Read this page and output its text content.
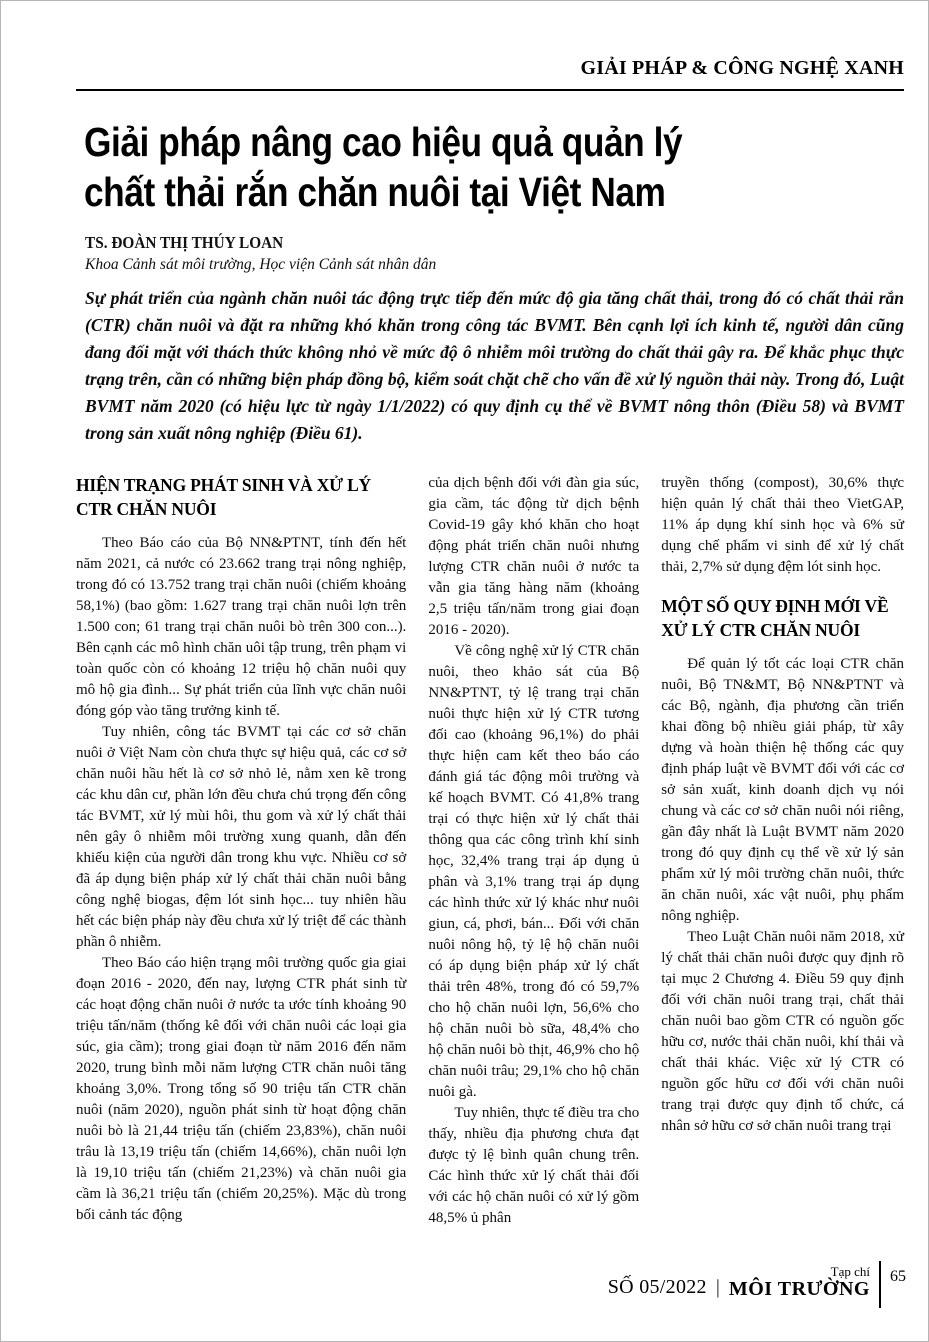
GIẢI PHÁP & CÔNG NGHỆ XANH
Giải pháp nâng cao hiệu quả quản lý
chất thải rắn chăn nuôi tại Việt Nam
TS. ĐOÀN THỊ THÚY LOAN
Khoa Cảnh sát môi trường, Học viện Cảnh sát nhân dân

Sự phát triển của ngành chăn nuôi tác động trực tiếp đến mức độ gia tăng chất thải, trong đó có chất thải rắn (CTR) chăn nuôi và đặt ra những khó khăn trong công tác BVMT. Bên cạnh lợi ích kinh tế, người dân cũng đang đối mặt với thách thức không nhỏ về mức độ ô nhiễm môi trường do chất thải gây ra. Để khắc phục thực trạng trên, cần có những biện pháp đồng bộ, kiểm soát chặt chẽ cho vấn đề xử lý nguồn thải này. Trong đó, Luật BVMT năm 2020 (có hiệu lực từ ngày 1/1/2022) có quy định cụ thể về BVMT nông thôn (Điều 58) và BVMT trong sản xuất nông nghiệp (Điều 61).

HIỆN TRẠNG PHÁT SINH VÀ XỬ LÝ CTR CHĂN NUÔI

Theo Báo cáo của Bộ NN&PTNT, tính đến hết năm 2021, cả nước có 23.662 trang trại nông nghiệp, trong đó có 13.752 trang trại chăn nuôi (chiếm khoảng 58,1%) (bao gồm: 1.627 trang trại chăn nuôi lợn trên 1.500 con; 61 trang trại chăn nuôi bò trên 300 con...). Bên cạnh các mô hình chăn uôi tập trung, trên phạm vi toàn quốc còn có khoảng 12 triệu hộ chăn nuôi quy mô hộ gia đình... Sự phát triển của lĩnh vực chăn nuôi đóng góp vào tăng trưởng kinh tế.

Tuy nhiên, công tác BVMT tại các cơ sở chăn nuôi ở Việt Nam còn chưa thực sự hiệu quả, các cơ sở chăn nuôi hầu hết là cơ sở nhỏ lẻ, nằm xen kẽ trong các khu dân cư, phần lớn đều chưa chú trọng đến công tác BVMT, xử lý mùi hôi, thu gom và xử lý chất thải nên gây ô nhiễm môi trường xung quanh, dẫn đến khiếu kiện của người dân trong khu vực. Nhiều cơ sở đã áp dụng biện pháp xử lý chất thải chăn nuôi bằng công nghệ biogas, đệm lót sinh học... tuy nhiên hầu hết các biện pháp này đều chưa xử lý triệt để các thành phần ô nhiễm.

Theo Báo cáo hiện trạng môi trường quốc gia giai đoạn 2016 - 2020, đến nay, lượng CTR phát sinh từ các hoạt động chăn nuôi ở nước ta ước tính khoảng 90 triệu tấn/năm (thống kê đối với chăn nuôi các loại gia súc, gia cầm); trong giai đoạn từ năm 2016 đến năm 2020, trung bình mỗi năm lượng CTR chăn nuôi tăng khoảng 3,0%. Trong tổng số 90 triệu tấn CTR chăn nuôi (năm 2020), nguồn phát sinh từ hoạt động chăn nuôi bò là 21,44 triệu tấn (chiếm 23,83%), chăn nuôi trâu là 13,19 triệu tấn (chiếm 14,66%), chăn nuôi lợn là 19,10 triệu tấn (chiếm 21,23%) và chăn nuôi gia cầm là 36,21 triệu tấn (chiếm 20,25%). Mặc dù trong bối cảnh tác động

của dịch bệnh đối với đàn gia súc, gia cầm, tác động từ dịch bệnh Covid-19 gây khó khăn cho hoạt động phát triển chăn nuôi nhưng lượng CTR chăn nuôi ở nước ta vẫn gia tăng hàng năm (khoảng 2,5 triệu tấn/năm trong giai đoạn 2016 - 2020).

Về công nghệ xử lý CTR chăn nuôi, theo khảo sát của Bộ NN&PTNT, tỷ lệ trang trại chăn nuôi thực hiện xử lý CTR tương đối cao (khoảng 96,1%) do phải thực hiện cam kết theo báo cáo đánh giá tác động môi trường và kế hoạch BVMT. Có 41,8% trang trại có thực hiện xử lý chất thải thông qua các công trình khí sinh học, 32,4% trang trại áp dụng ủ phân và 3,1% trang trại áp dụng các hình thức xử lý khác như nuôi giun, cá, phơi, bán... Đối với chăn nuôi nông hộ, tỷ lệ hộ chăn nuôi có áp dụng biện pháp xử lý chất thải trên 48%, trong đó có 59,7% cho hộ chăn nuôi lợn, 56,6% cho hộ chăn nuôi bò sữa, 48,4% cho hộ chăn nuôi bò thịt, 46,9% cho hộ chăn nuôi trâu; 29,1% cho hộ chăn nuôi gà.

Tuy nhiên, thực tế điều tra cho thấy, nhiều địa phương chưa đạt được tỷ lệ bình quân chung trên. Các hình thức xử lý chất thải đối với các hộ chăn nuôi có xử lý gồm 48,5% ủ phân

truyền thống (compost), 30,6% thực hiện quản lý chất thải theo VietGAP, 11% áp dụng khí sinh học và 6% sử dụng chế phẩm vi sinh để xử lý chất thải, 2,7% sử dụng đệm lót sinh học.

MỘT SỐ QUY ĐỊNH MỚI VỀ XỬ LÝ CTR CHĂN NUÔI

Để quản lý tốt các loại CTR chăn nuôi, Bộ TN&MT, Bộ NN&PTNT và các Bộ, ngành, địa phương cần triển khai đồng bộ nhiều giải pháp, từ xây dựng và hoàn thiện hệ thống các quy định pháp luật về BVMT đối với các cơ sở sản xuất, kinh doanh dịch vụ nói chung và các cơ sở chăn nuôi nói riêng, gần đây nhất là Luật BVMT năm 2020 trong đó quy định cụ thể về xử lý sản phẩm xử lý môi trường chăn nuôi, thức ăn chăn nuôi, xác vật nuôi, phụ phẩm nông nghiệp.

Theo Luật Chăn nuôi năm 2018, xử lý chất thải chăn nuôi được quy định rõ tại mục 2 Chương 4. Điều 59 quy định đối với chăn nuôi trang trại, chất thải chăn nuôi bao gồm CTR có nguồn gốc hữu cơ, nước thải chăn nuôi, khí thải và chất thải khác. Việc xử lý CTR có nguồn gốc hữu cơ đối với chăn nuôi trang trại được quy định tổ chức, cá nhân sở hữu cơ sở chăn nuôi trang trại

SỐ 05/2022 |
Tạp chí
MÔI TRƯỜNG
65
